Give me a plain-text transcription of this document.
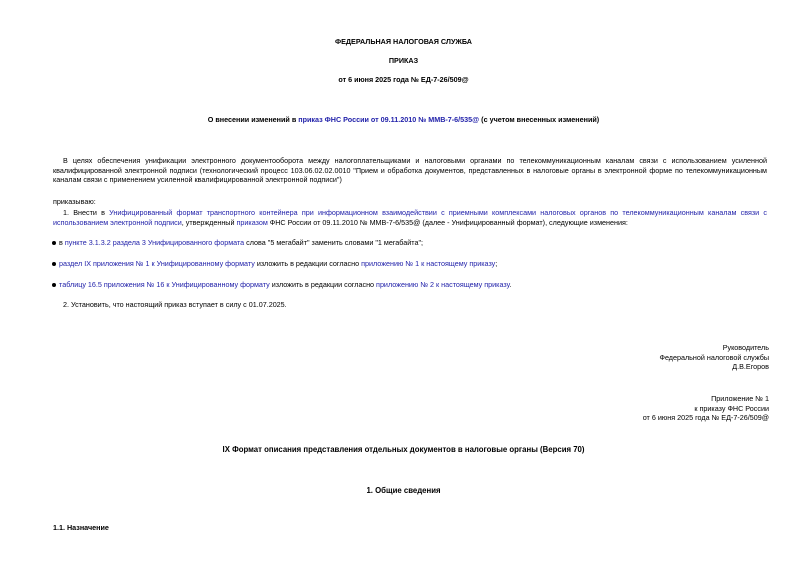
ФЕДЕРАЛЬНАЯ НАЛОГОВАЯ СЛУЖБА
ПРИКАЗ
от 6 июня 2025 года № ЕД-7-26/509@
О внесении изменений в приказ ФНС России от 09.11.2010 № ММВ-7-6/535@ (с учетом внесенных изменений)
В целях обеспечения унификации электронного документооборота между налогоплательщиками и налоговыми органами по телекоммуникационным каналам связи с использованием усиленной квалифицированной электронной подписи (технологический процесс 103.06.02.02.0010 "Прием и обработка документов, представленных в налоговые органы в электронной форме по телекоммуникационным каналам связи с применением усиленной квалифицированной электронной подписи")
приказываю:
1. Внести в Унифицированный формат транспортного контейнера при информационном взаимодействии с приемными комплексами налоговых органов по телекоммуникационным каналам связи с использованием электронной подписи, утвержденный приказом ФНС России от 09.11.2010 № ММВ-7-6/535@ (далее - Унифицированный формат), следующие изменения:
в пункте 3.1.3.2 раздела 3 Унифицированного формата слова "5 мегабайт" заменить словами "1 мегабайта";
раздел IX приложения № 1 к Унифицированному формату изложить в редакции согласно приложению № 1 к настоящему приказу;
таблицу 16.5 приложения № 16 к Унифицированному формату изложить в редакции согласно приложению № 2 к настоящему приказу.
2. Установить, что настоящий приказ вступает в силу с 01.07.2025.
Руководитель
Федеральной налоговой службы
Д.В.Егоров
Приложение № 1
к приказу ФНС России
от 6 июня 2025 года № ЕД-7-26/509@
IX Формат описания представления отдельных документов в налоговые органы (Версия 70)
1. Общие сведения
1.1. Назначение
